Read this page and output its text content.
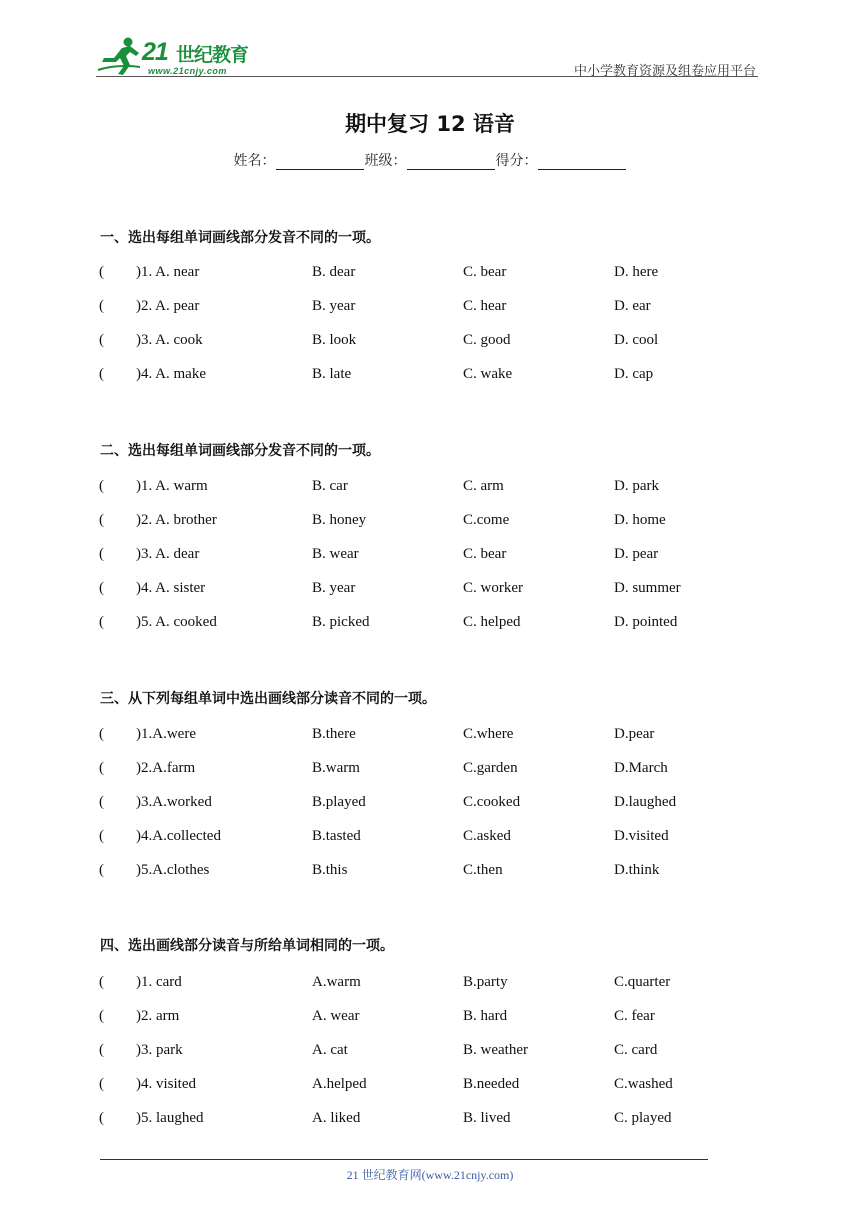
21 世纪教育
www.21cnjy.com	中小学教育资源及组卷应用平台
期中复习 12 语音
姓名：	班级：	得分：
一、选出每组单词画线部分发音不同的一项。
( )1. A. near	B. dear	C. bear	D. here
( )2. A. pear	B. year	C. hear	D. ear
( )3. A. cook	B. look	C. good	D. cool
( )4. A. make	B. late	C. wake	D. cap
二、选出每组单词画线部分发音不同的一项。
( )1. A. warm	B. car	C. arm	D. park
( )2. A. brother	B. honey	C.come	D. home
( )3. A. dear	B. wear	C. bear	D. pear
( )4. A. sister	B. year	C. worker	D. summer
( )5. A. cooked	B. picked	C. helped	D. pointed
三、从下列每组单词中选出画线部分读音不同的一项。
( )1.A.were	B.there	C.where	D.pear
( )2.A.farm	B.warm	C.garden	D.March
( )3.A.worked	B.played	C.cooked	D.laughed
( )4.A.collected	B.tasted	C.asked	D.visited
( )5.A.clothes	B.this	C.then	D.think
四、选出画线部分读音与所给单词相同的一项。
( )1. card	A.warm	B.party	C.quarter
( )2. arm	A. wear	B. hard	C. fear
( )3. park	A. cat	B. weather	C. card
( )4. visited	A.helped	B.needed	C.washed
( )5. laughed	A. liked	B. lived	C. played
21 世纪教育网(www.21cnjy.com)
